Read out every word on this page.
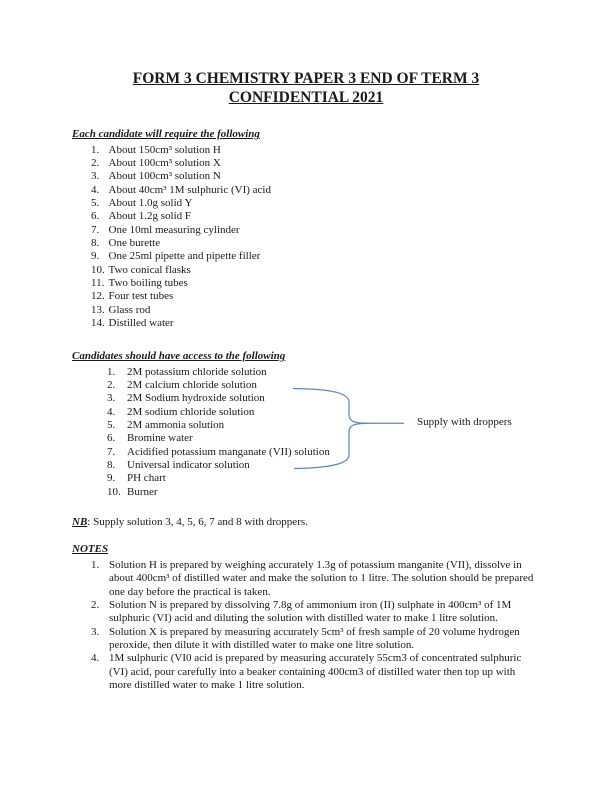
Supply with droppers
FORM 3 CHEMISTRY PAPER 3 END OF TERM 3
CONFIDENTIAL 2021
Each candidate will require the following
1. About 150cm³ solution H
2. About 100cm³ solution X
3. About 100cm³ solution N
4. About 40cm³ 1M sulphuric (VI) acid
5. About 1.0g solid Y
6. About 1.2g solid F
7. One 10ml measuring cylinder
8. One burette
9. One 25ml pipette and pipette filler
10. Two conical flasks
11. Two boiling tubes
12. Four test tubes
13. Glass rod
14. Distilled water
Candidates should have access to the following
1.	2M potassium chloride solution
2.	2M calcium chloride solution
3.	2M Sodium hydroxide solution
4.	2M sodium chloride solution
5.	2M ammonia solution
6.	Bromine water
7.	Acidified potassium manganate (VII) solution
8.	Universal indicator solution
9.	PH chart
10. Burner
NB: Supply solution 3, 4, 5, 6, 7 and 8 with droppers.
NOTES
1. Solution H is prepared by weighing accurately 1.3g of potassium manganite (VII), dissolve in about 400cm³ of distilled water and make the solution to 1 litre. The solution should be prepared one day before the practical is taken.
2. Solution N is prepared by dissolving 7.8g of ammonium iron (II) sulphate in 400cm³ of 1M sulphuric (VI) acid and diluting the solution with distilled water to make 1 litre solution.
3. Solution X is prepared by measuring accurately 5cm³ of fresh sample of 20 volume hydrogen peroxide, then dilute it with distilled water to make one litre solution.
4. 1M sulphuric (VI0 acid is prepared by measuring accurately 55cm3 of concentrated sulphuric (VI) acid, pour carefully into a beaker containing 400cm3 of distilled water then top up with more distilled water to make 1 litre solution.
